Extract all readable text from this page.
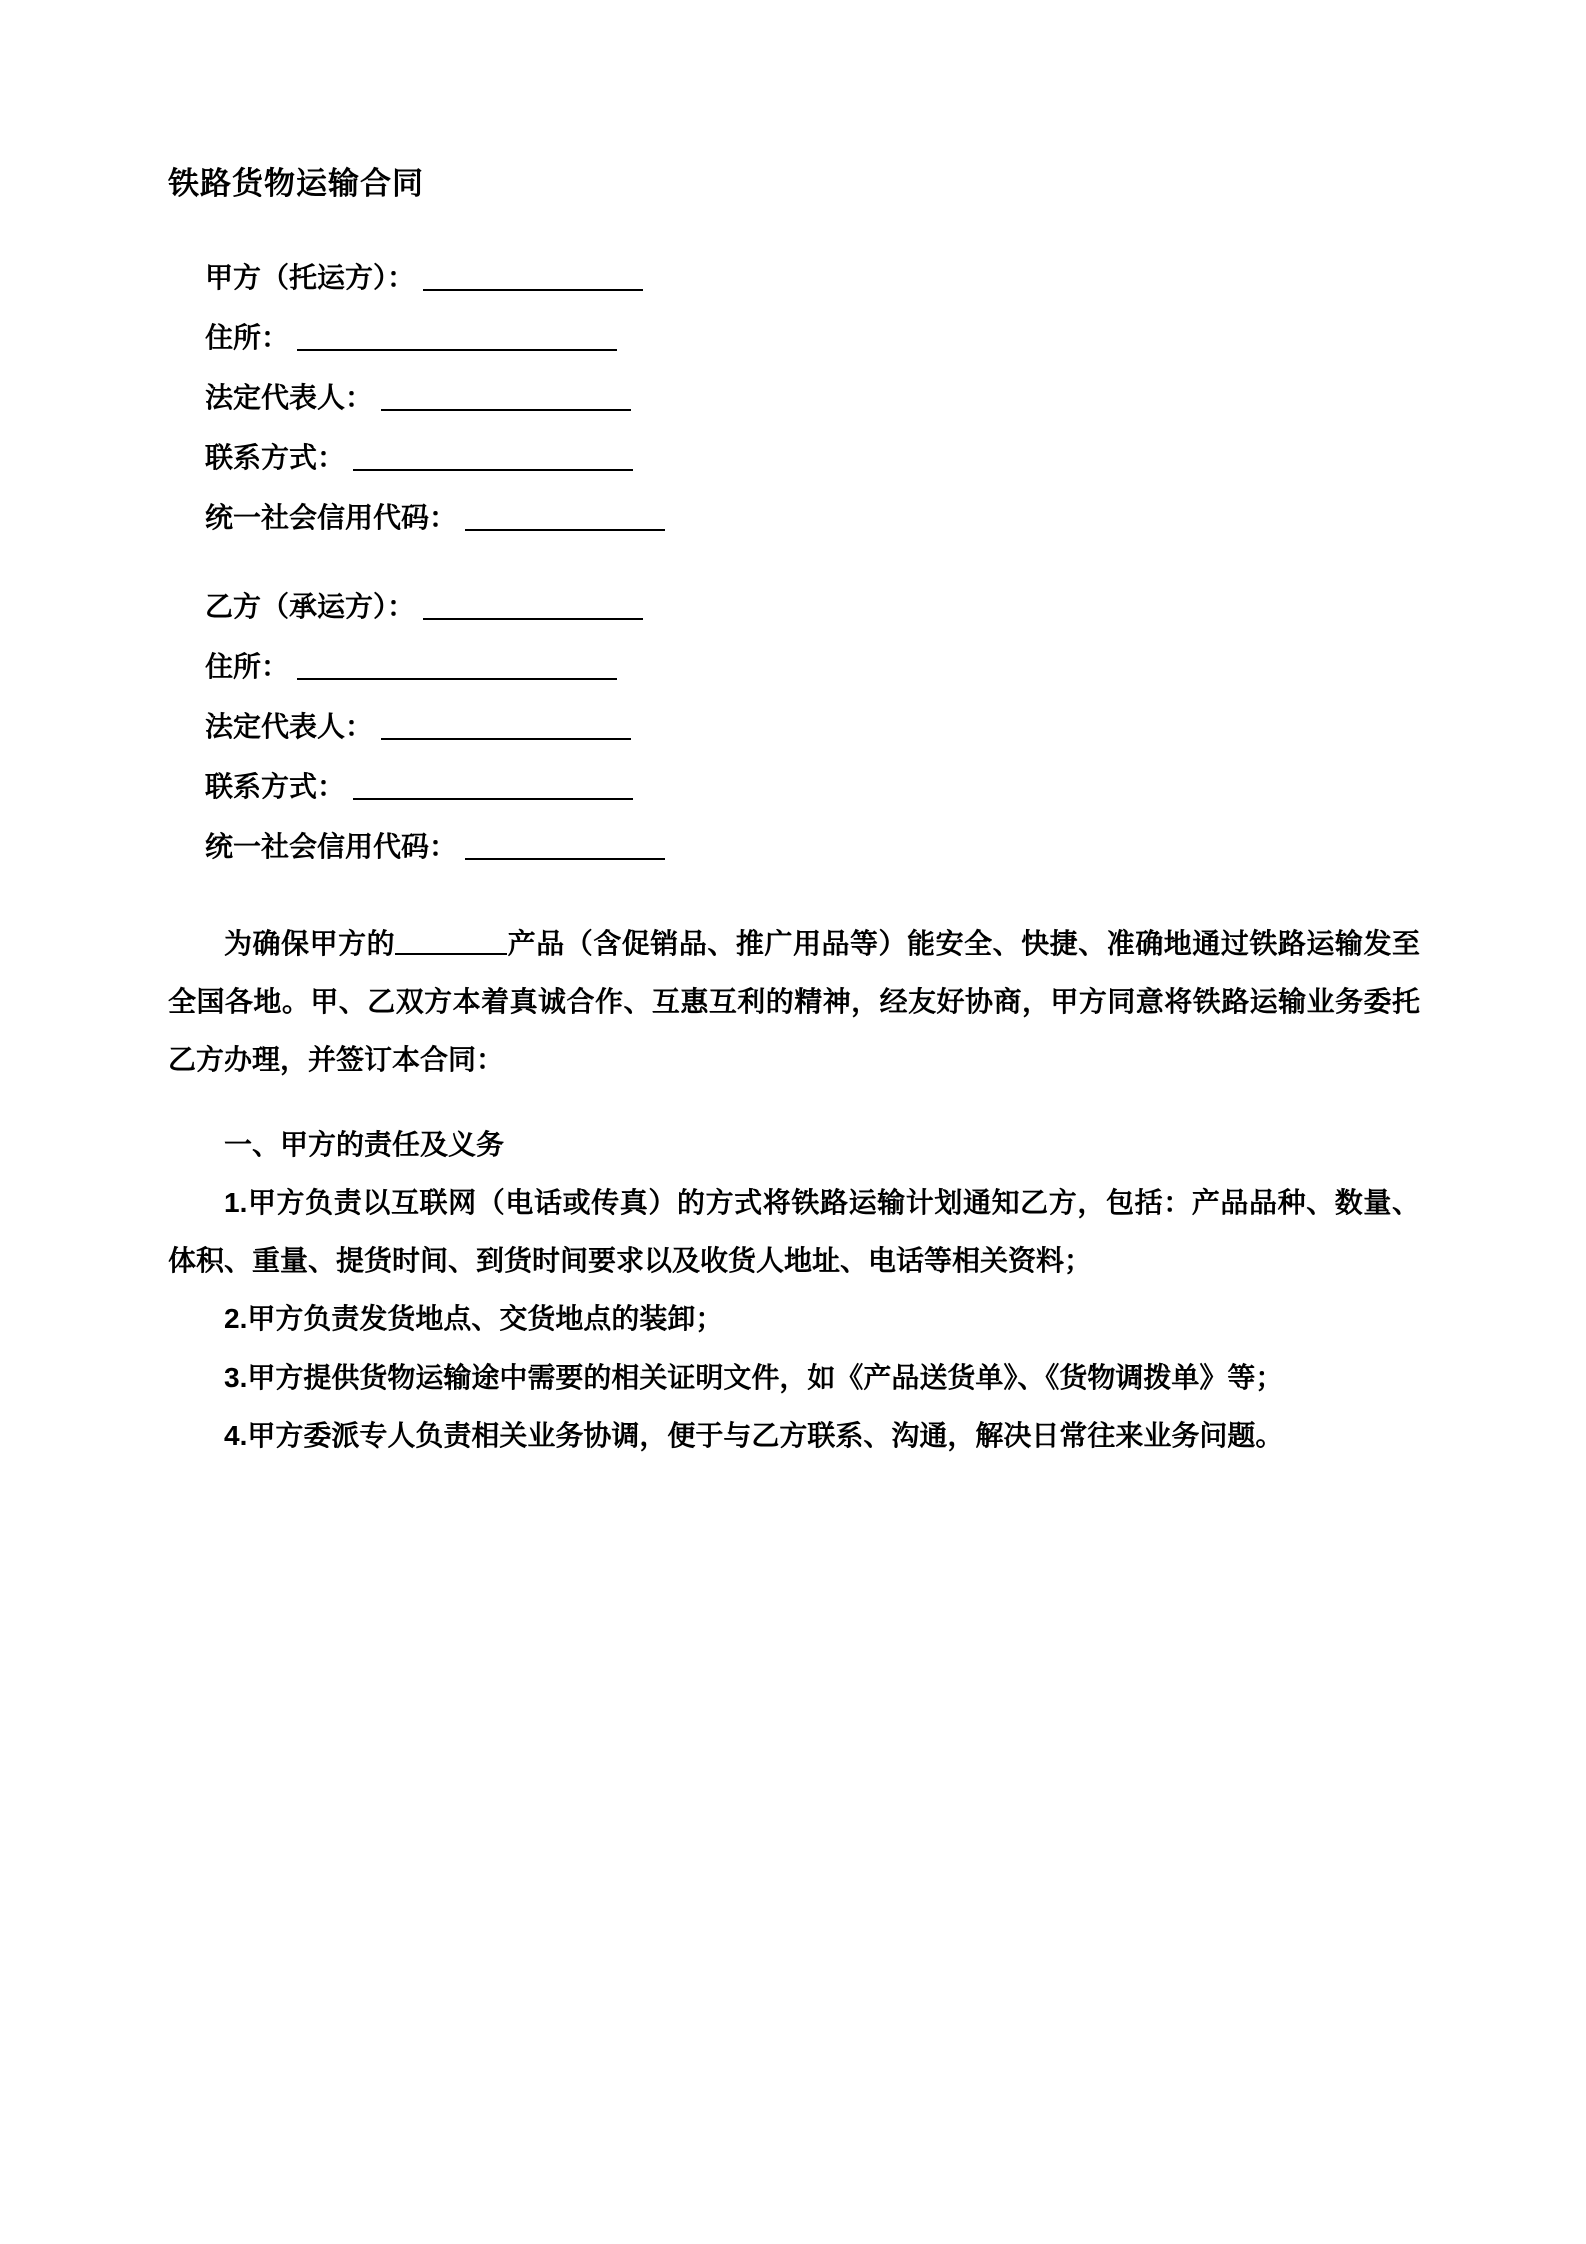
铁路货物运输合同
甲方（托运方）：
住所：
法定代表人：
联系方式：
统一社会信用代码：
乙方（承运方）：
住所：
法定代表人：
联系方式：
统一社会信用代码：

为确保甲方的	产品（含促销品、推广用品等）能安全、快捷、准确地通过铁路运输发至全国各地。甲、乙双方本着真诚合作、互惠互利的精神，经友好协商，甲方同意将铁路运输业务委托乙方办理，并签订本合同：

一、甲方的责任及义务

1.甲方负责以互联网（电话或传真）的方式将铁路运输计划通知乙方，包括：产品品种、数量、体积、重量、提货时间、到货时间要求以及收货人地址、电话等相关资料；

2.甲方负责发货地点、交货地点的装卸；

3.甲方提供货物运输途中需要的相关证明文件，如《产品送货单》、《货物调拨单》等；

4.甲方委派专人负责相关业务协调，便于与乙方联系、沟通，解决日常往来业务问题。
